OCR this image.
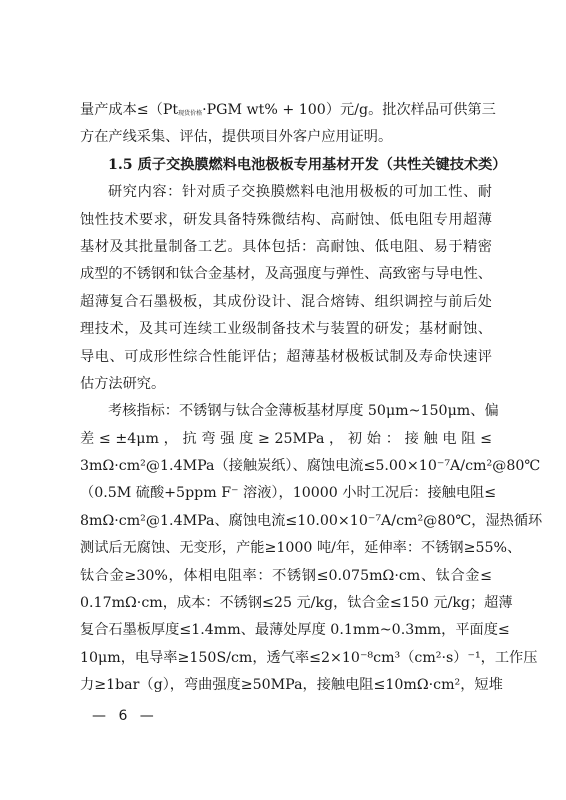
量产成本≤（Pt现货价格·PGM wt% + 100）元/g。批次样品可供第三
方在产线采集、评估，提供项目外客户应用证明。
1.5 质子交换膜燃料电池极板专用基材开发（共性关键技术类）
研究内容：针对质子交换膜燃料电池用极板的可加工性、耐
蚀性技术要求，研发具备特殊微结构、高耐蚀、低电阻专用超薄
基材及其批量制备工艺。具体包括：高耐蚀、低电阻、易于精密
成型的不锈钢和钛合金基材，及高强度与弹性、高致密与导电性、
超薄复合石墨极板，其成份设计、混合熔铸、组织调控与前后处
理技术，及其可连续工业级制备技术与装置的研发；基材耐蚀、
导电、可成形性综合性能评估；超薄基材极板试制及寿命快速评
估方法研究。
考核指标：不锈钢与钛合金薄板基材厚度 50μm~150μm、偏
差 ≤ ±4μm ， 抗 弯 强 度 ≥ 25MPa ， 初 始 ： 接 触 电 阻 ≤
3mΩ·cm²@1.4MPa（接触炭纸）、腐蚀电流≤5.00×10⁻⁷A/cm²@80℃
（0.5M 硫酸+5ppm F⁻ 溶液），10000 小时工况后：接触电阻≤
8mΩ·cm²@1.4MPa、腐蚀电流≤10.00×10⁻⁷A/cm²@80℃，湿热循环
测试后无腐蚀、无变形，产能≥1000 吨/年，延伸率：不锈钢≥55%、
钛合金≥30%，体相电阻率：不锈钢≤0.075mΩ·cm、钛合金≤
0.17mΩ·cm，成本：不锈钢≤25 元/kg，钛合金≤150 元/kg；超薄
复合石墨板厚度≤1.4mm、最薄处厚度 0.1mm~0.3mm，平面度≤
10μm，电导率≥150S/cm，透气率≤2×10⁻⁸cm³（cm²·s）⁻¹，工作压
力≥1bar（g），弯曲强度≥50MPa，接触电阻≤10mΩ·cm²，短堆
— 6 —
